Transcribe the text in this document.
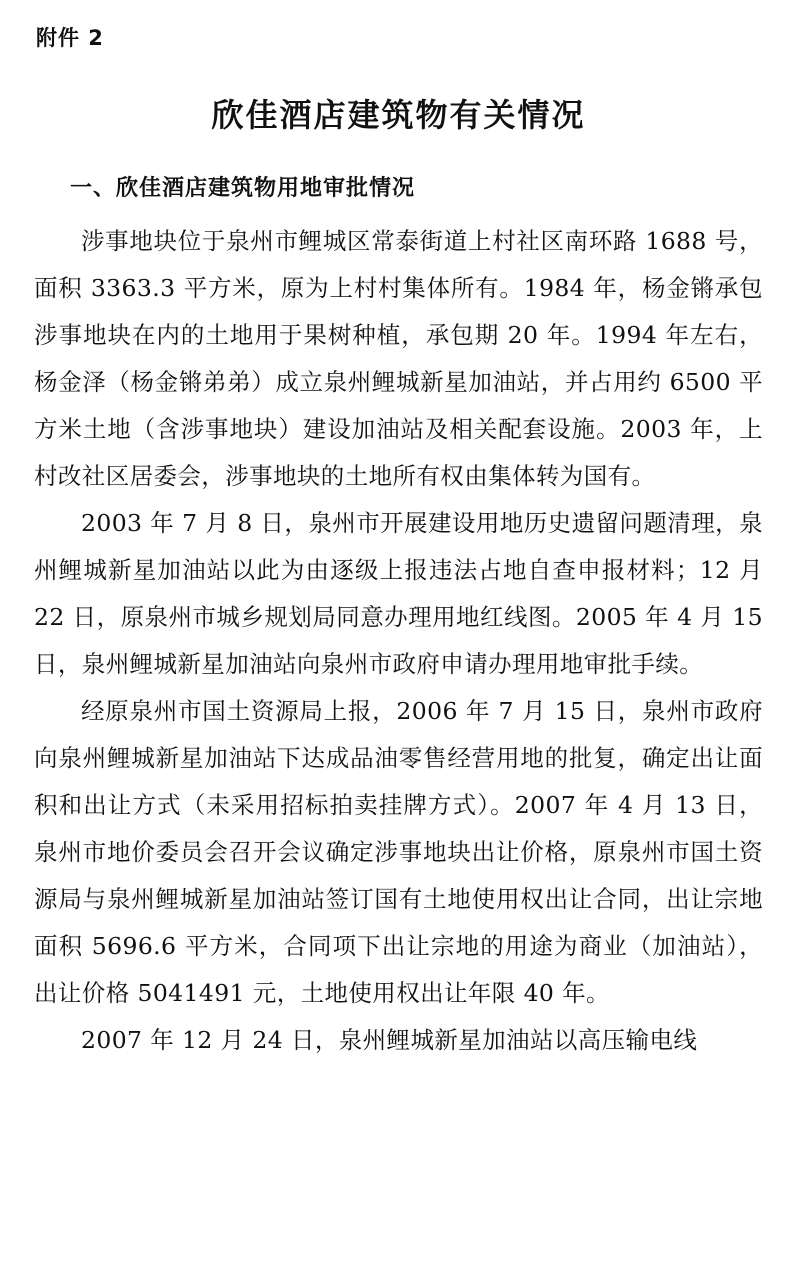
附件 2
欣佳酒店建筑物有关情况
一、欣佳酒店建筑物用地审批情况

涉事地块位于泉州市鲤城区常泰街道上村社区南环路 1688 号，面积 3363.3 平方米，原为上村村集体所有。1984 年，杨金锵承包涉事地块在内的土地用于果树种植，承包期 20 年。1994 年左右，杨金泽（杨金锵弟弟）成立泉州鲤城新星加油站，并占用约 6500 平方米土地（含涉事地块）建设加油站及相关配套设施。2003 年，上村改社区居委会，涉事地块的土地所有权由集体转为国有。

2003 年 7 月 8 日，泉州市开展建设用地历史遗留问题清理，泉州鲤城新星加油站以此为由逐级上报违法占地自查申报材料；12 月 22 日，原泉州市城乡规划局同意办理用地红线图。2005 年 4 月 15 日，泉州鲤城新星加油站向泉州市政府申请办理用地审批手续。

经原泉州市国土资源局上报，2006 年 7 月 15 日，泉州市政府向泉州鲤城新星加油站下达成品油零售经营用地的批复，确定出让面积和出让方式（未采用招标拍卖挂牌方式）。2007 年 4 月 13 日，泉州市地价委员会召开会议确定涉事地块出让价格，原泉州市国土资源局与泉州鲤城新星加油站签订国有土地使用权出让合同，出让宗地面积 5696.6 平方米，合同项下出让宗地的用途为商业（加油站），出让价格 5041491 元，土地使用权出让年限 40 年。

2007 年 12 月 24 日，泉州鲤城新星加油站以高压输电线
